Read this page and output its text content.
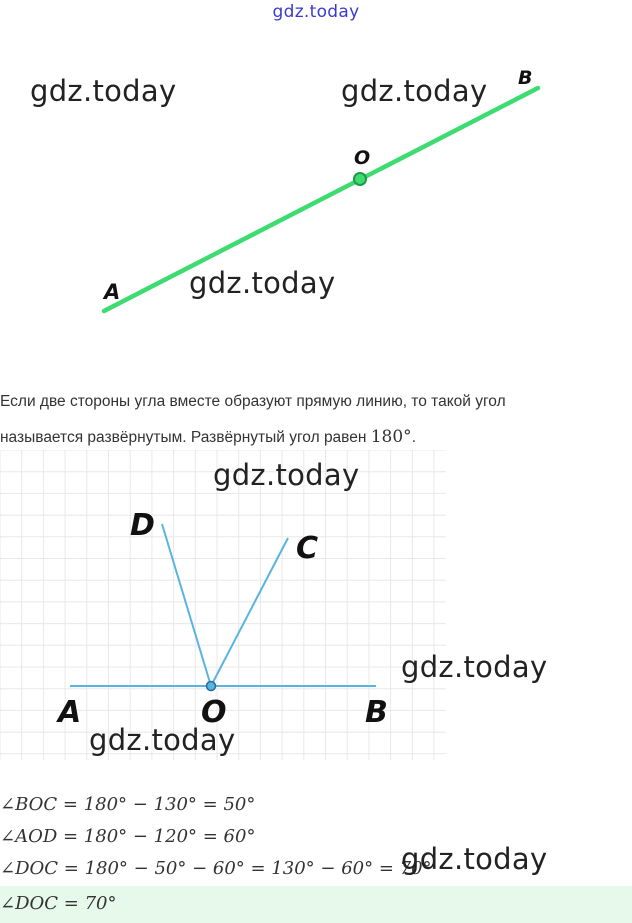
gdz.today
A
O
B
gdz.today	gdz.today
gdz.today
Если две стороны угла вместе образуют прямую линию, то такой угол
называется развёрнутым. Развёрнутый угол равен 180°.
D
C
A	O	B
gdz.today
gdz.today
gdz.today
∠BOC = 180° − 130° = 50°
∠AOD = 180° − 120° = 60°
∠DOC = 180° − 50° − 60° = 130° − 60° = 70°
∠DOC = 70°
gdz.today
